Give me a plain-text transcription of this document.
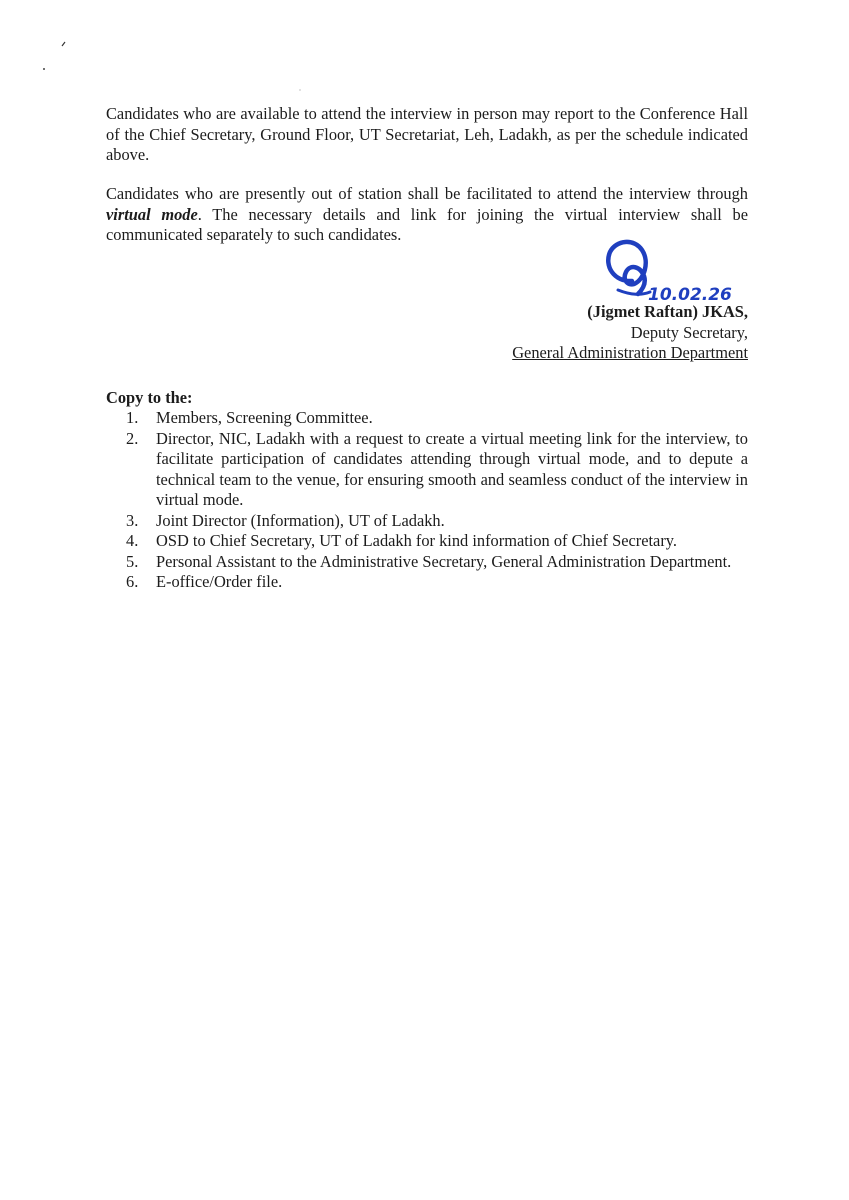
Candidates who are available to attend the interview in person may report to the Conference Hall of the Chief Secretary, Ground Floor, UT Secretariat, Leh, Ladakh, as per the schedule indicated above.

Candidates who are presently out of station shall be facilitated to attend the interview through virtual mode. The necessary details and link for joining the virtual interview shall be communicated separately to such candidates.

10.02.26
(Jigmet Raftan) JKAS,
Deputy Secretary,
General Administration Department
Copy to the:
1. Members, Screening Committee.
2. Director, NIC, Ladakh with a request to create a virtual meeting link for the interview, to facilitate participation of candidates attending through virtual mode, and to depute a technical team to the venue, for ensuring smooth and seamless conduct of the interview in virtual mode.
3. Joint Director (Information), UT of Ladakh.
4. OSD to Chief Secretary, UT of Ladakh for kind information of Chief Secretary.
5. Personal Assistant to the Administrative Secretary, General Administration Department.
6. E-office/Order file.
